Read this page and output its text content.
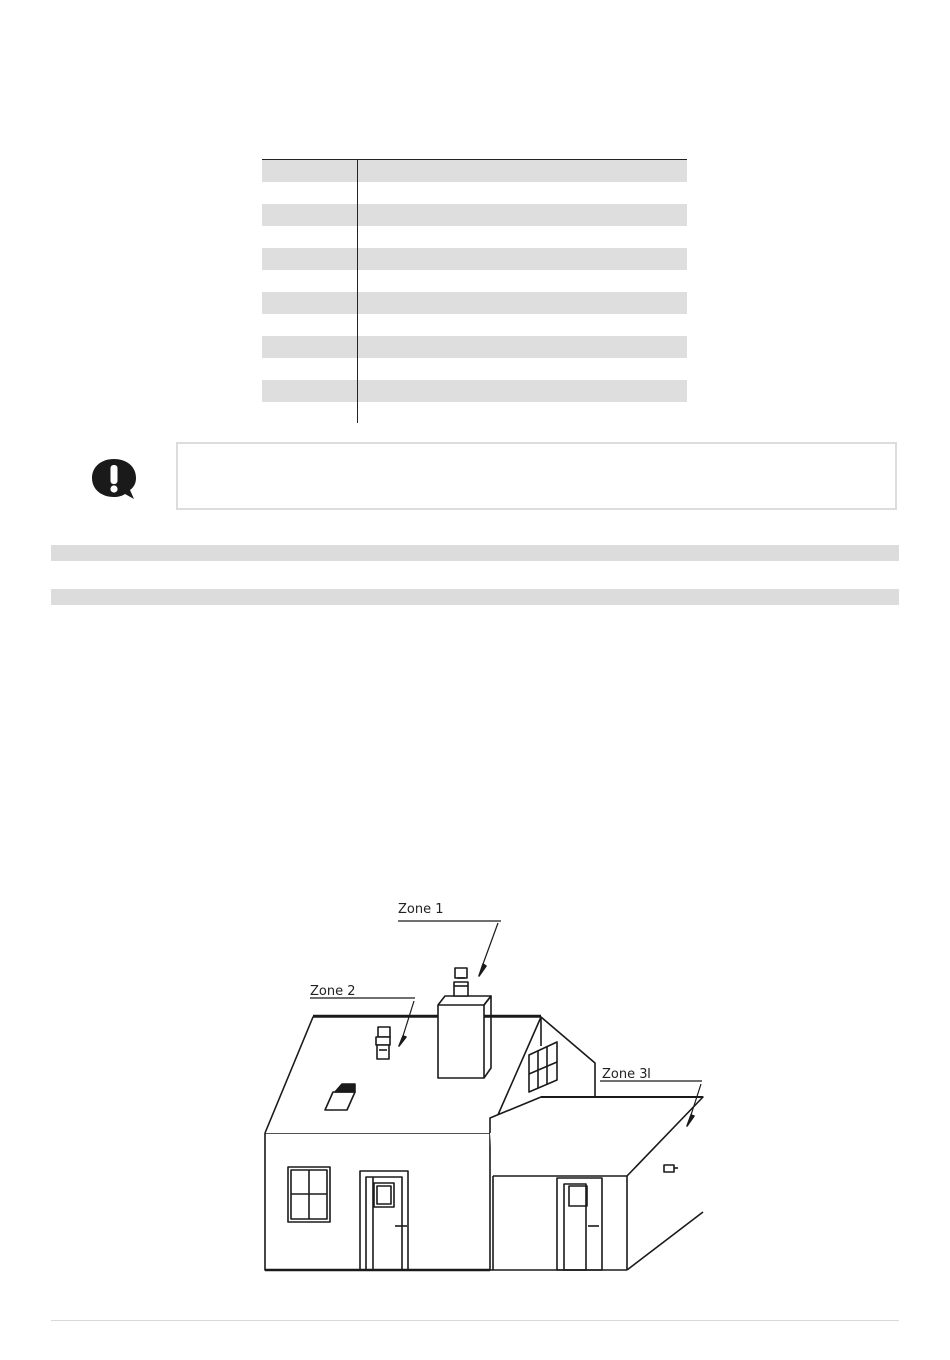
Zone 1
Zone 2
Zone 3
